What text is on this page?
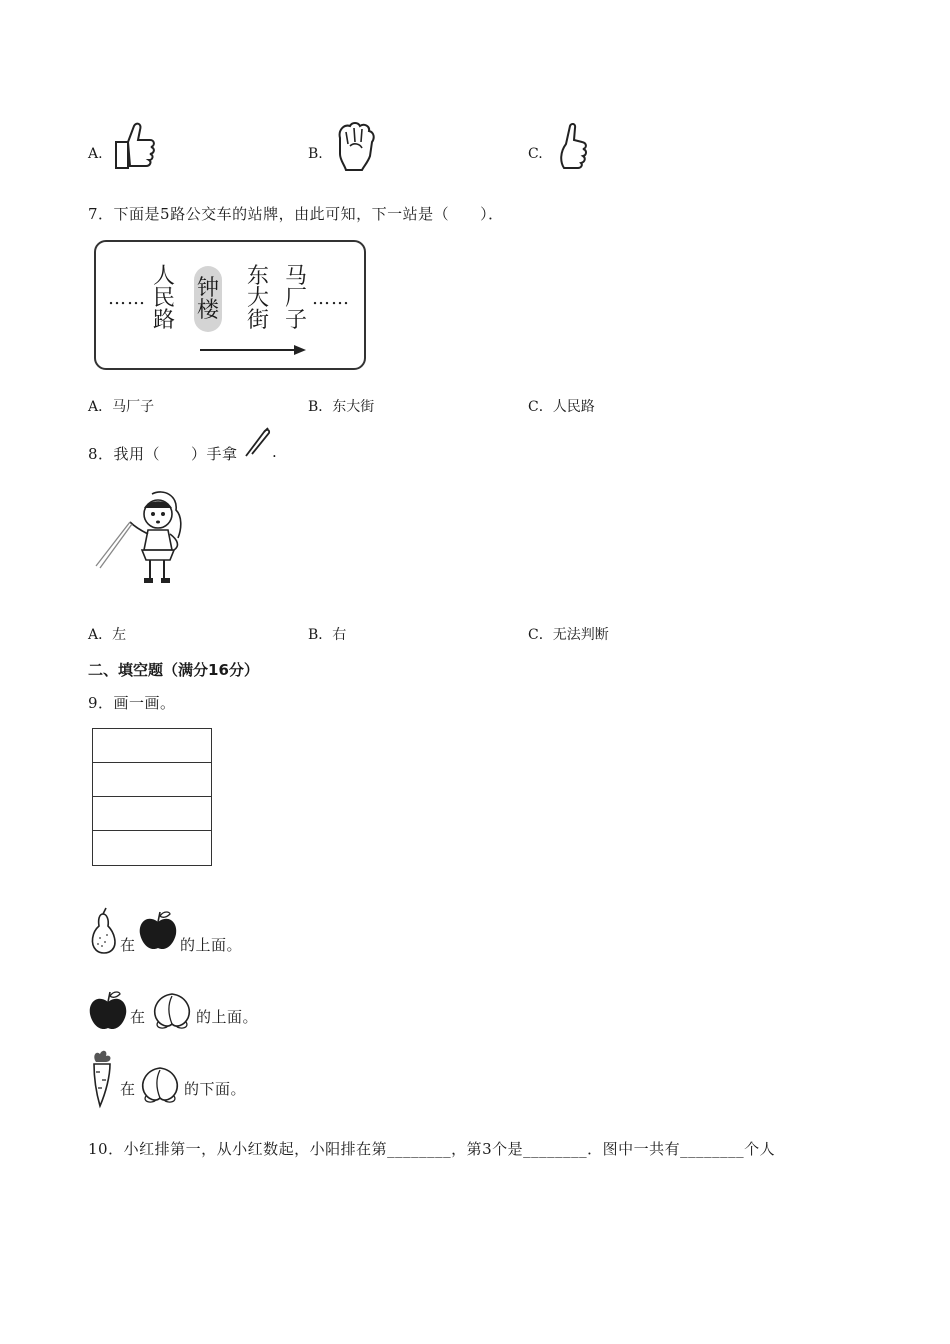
A.	B.	C.
7．下面是5路公交车的站牌，由此可知，下一站是（　　）．
……
人
民
路
钟
楼
东
大
街
马
厂
子
……
A．马厂子	B．东大街	C．人民路
8．我用（　　）手拿 .
A．左	B．右	C．无法判断
二、填空题（满分16分）
9．画一画。
在	的上面。
在	的上面。
在	的下面。
10．小红排第一，从小红数起，小阳排在第________，第3个是________．图中一共有________个人
